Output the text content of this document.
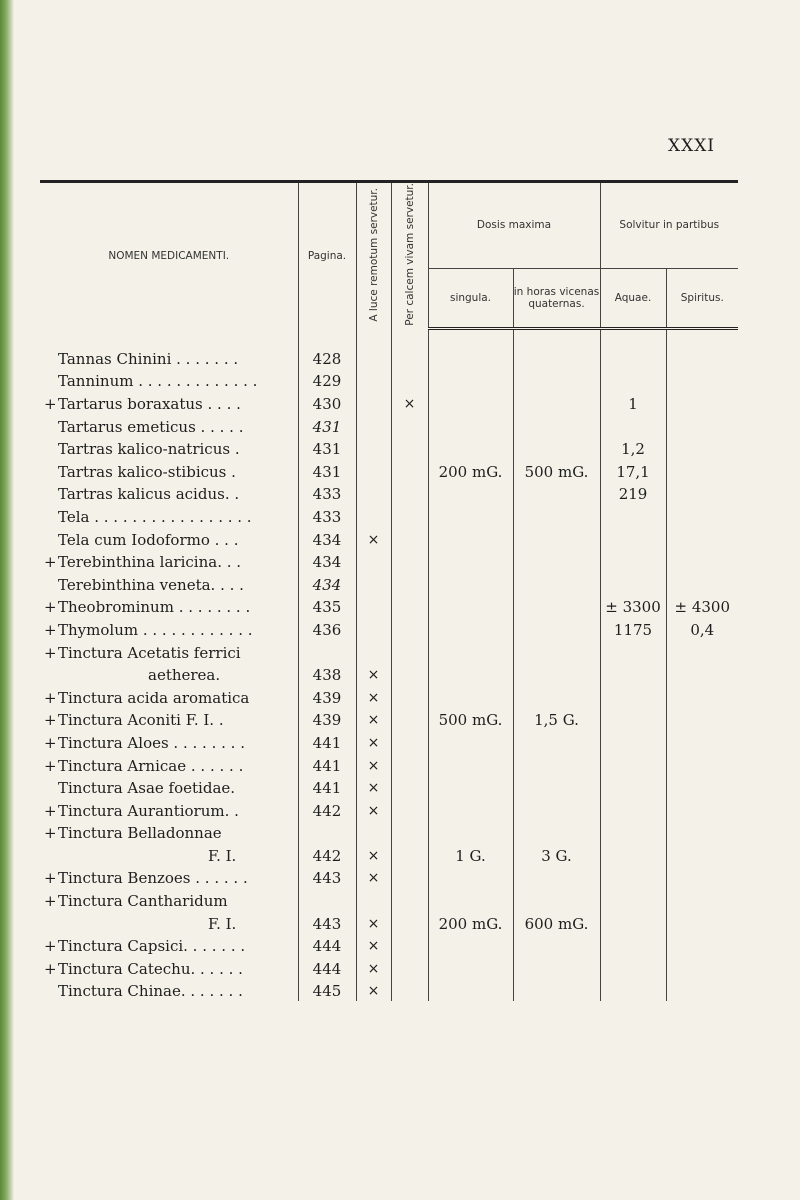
XXXI
NOMEN MEDICAMENTI.	Pagina.	A luce remotum servetur.	Per calcem vivam servetur.	Dosis maxima		Solvitur in partibus	
				singula.	in horas vicenas quaternas.	Aquae.	Spiritus.
Tannas Chinini . . . . . . .	428						
Tanninum . . . . . . . . . . . . .	429						
+Tartarus boraxatus . . . .	430		×			1	
Tartarus emeticus . . . . .	431						
Tartras kalico-natricus .	431					1,2	
Tartras kalico-stibicus .	431			200 mG.	500 mG.	17,1	
Tartras kalicus acidus. .	433					219	
Tela . . . . . . . . . . . . . . . . .	433						
Tela cum Iodoformo . . .	434	×					
+Terebinthina laricina. . .	434						
Terebinthina veneta. . . .	434						
+Theobrominum . . . . . . . .	435					± 3300	± 4300
+Thymolum . . . . . . . . . . . .	436					1175	0,4
+Tinctura Acetatis ferrici							
aetherea.	438	×					
+Tinctura acida aromatica	439	×					
+Tinctura Aconiti F. I. .	439	×		500 mG.	1,5 G.		
+Tinctura Aloes . . . . . . . .	441	×					
+Tinctura Arnicae . . . . . .	441	×					
Tinctura Asae foetidae.	441	×					
+Tinctura Aurantiorum. .	442	×					
+Tinctura Belladonnae							
F. I.	442	×		1 G.	3 G.		
+Tinctura Benzoes . . . . . .	443	×					
+Tinctura Cantharidum							
F. I.	443	×		200 mG.	600 mG.		
+Tinctura Capsici. . . . . . .	444	×					
+Tinctura Catechu. . . . . .	444	×					
Tinctura Chinae. . . . . . .	445	×					
